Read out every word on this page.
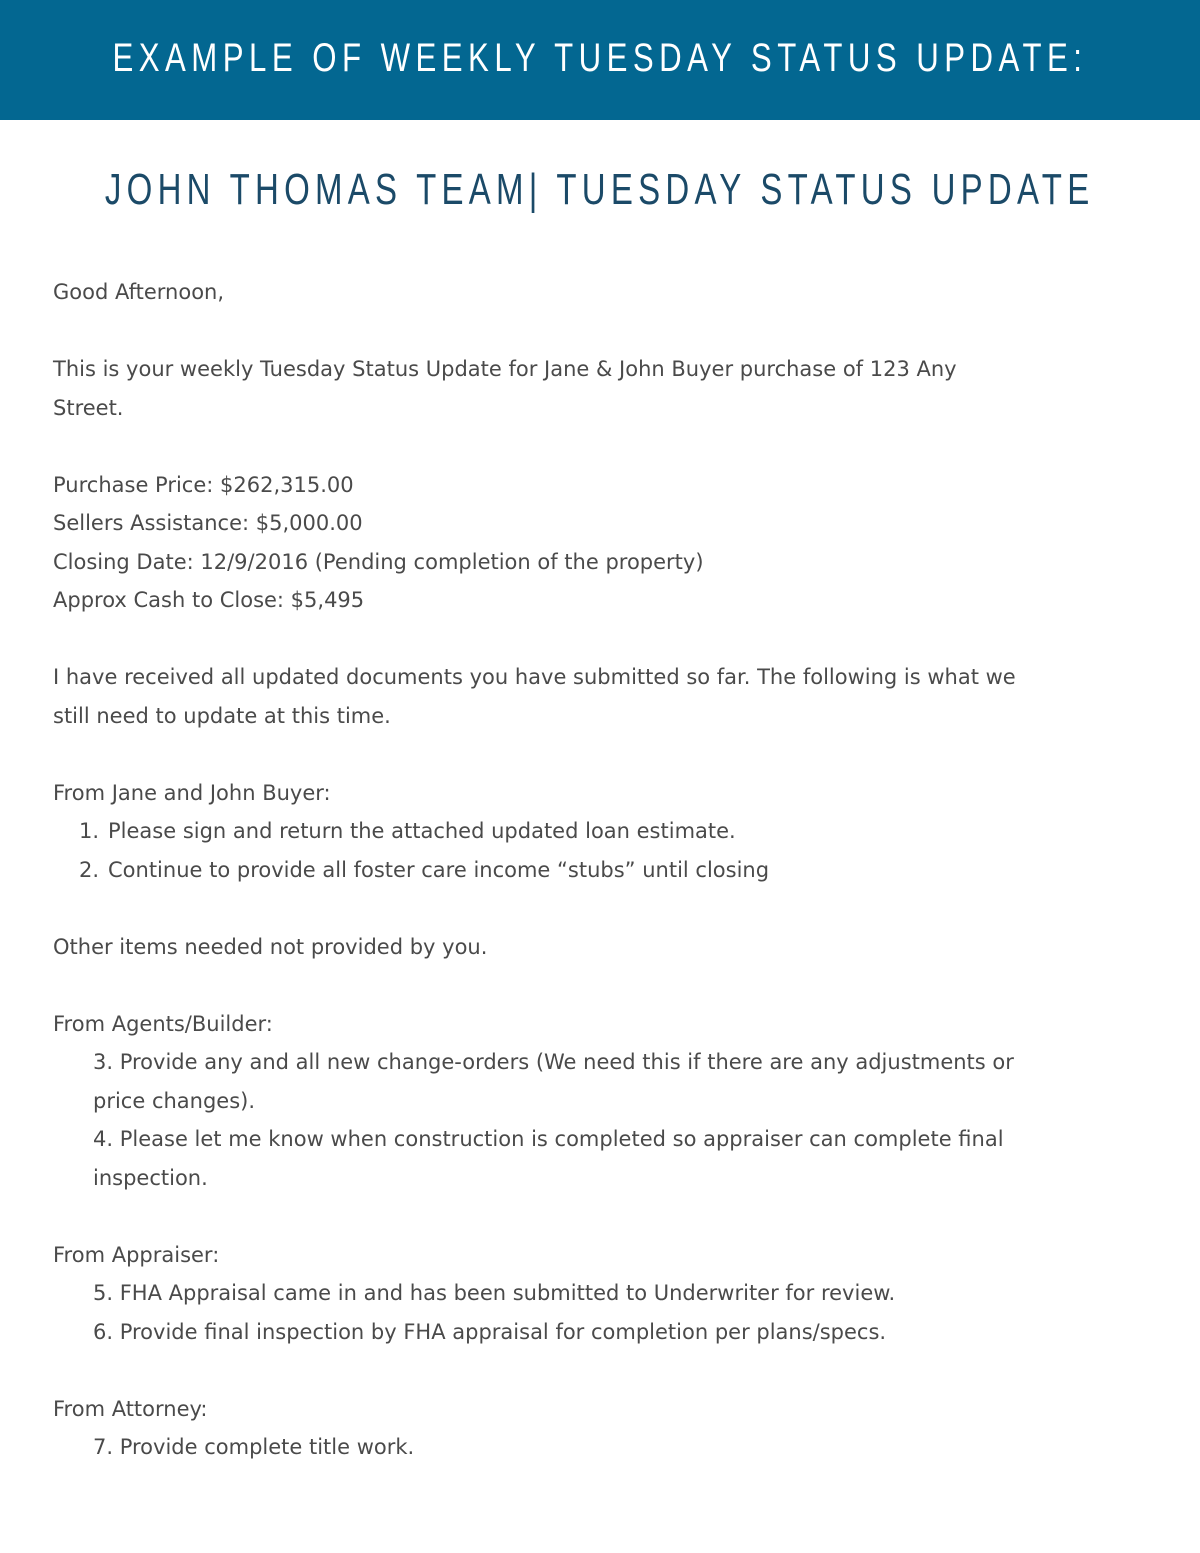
EXAMPLE OF WEEKLY TUESDAY STATUS UPDATE:
JOHN THOMAS TEAM| TUESDAY STATUS UPDATE

Good Afternoon,

This is your weekly Tuesday Status Update for Jane & John Buyer purchase of 123 Any

Street.

Purchase Price: $262,315.00

Sellers Assistance: $5,000.00

Closing Date: 12/9/2016 (Pending completion of the property)

Approx Cash to Close: $5,495

I have received all updated documents you have submitted so far. The following is what we

still need to update at this time.

From Jane and John Buyer:

1. Please sign and return the attached updated loan estimate.
2. Continue to provide all foster care income “stubs” until closing

Other items needed not provided by you.

From Agents/Builder:

3. Provide any and all new change-orders (We need this if there are any adjustments or

price changes).

4. Please let me know when construction is completed so appraiser can complete final

inspection.

From Appraiser:

5. FHA Appraisal came in and has been submitted to Underwriter for review.

6. Provide final inspection by FHA appraisal for completion per plans/specs.

From Attorney:

7. Provide complete title work.
